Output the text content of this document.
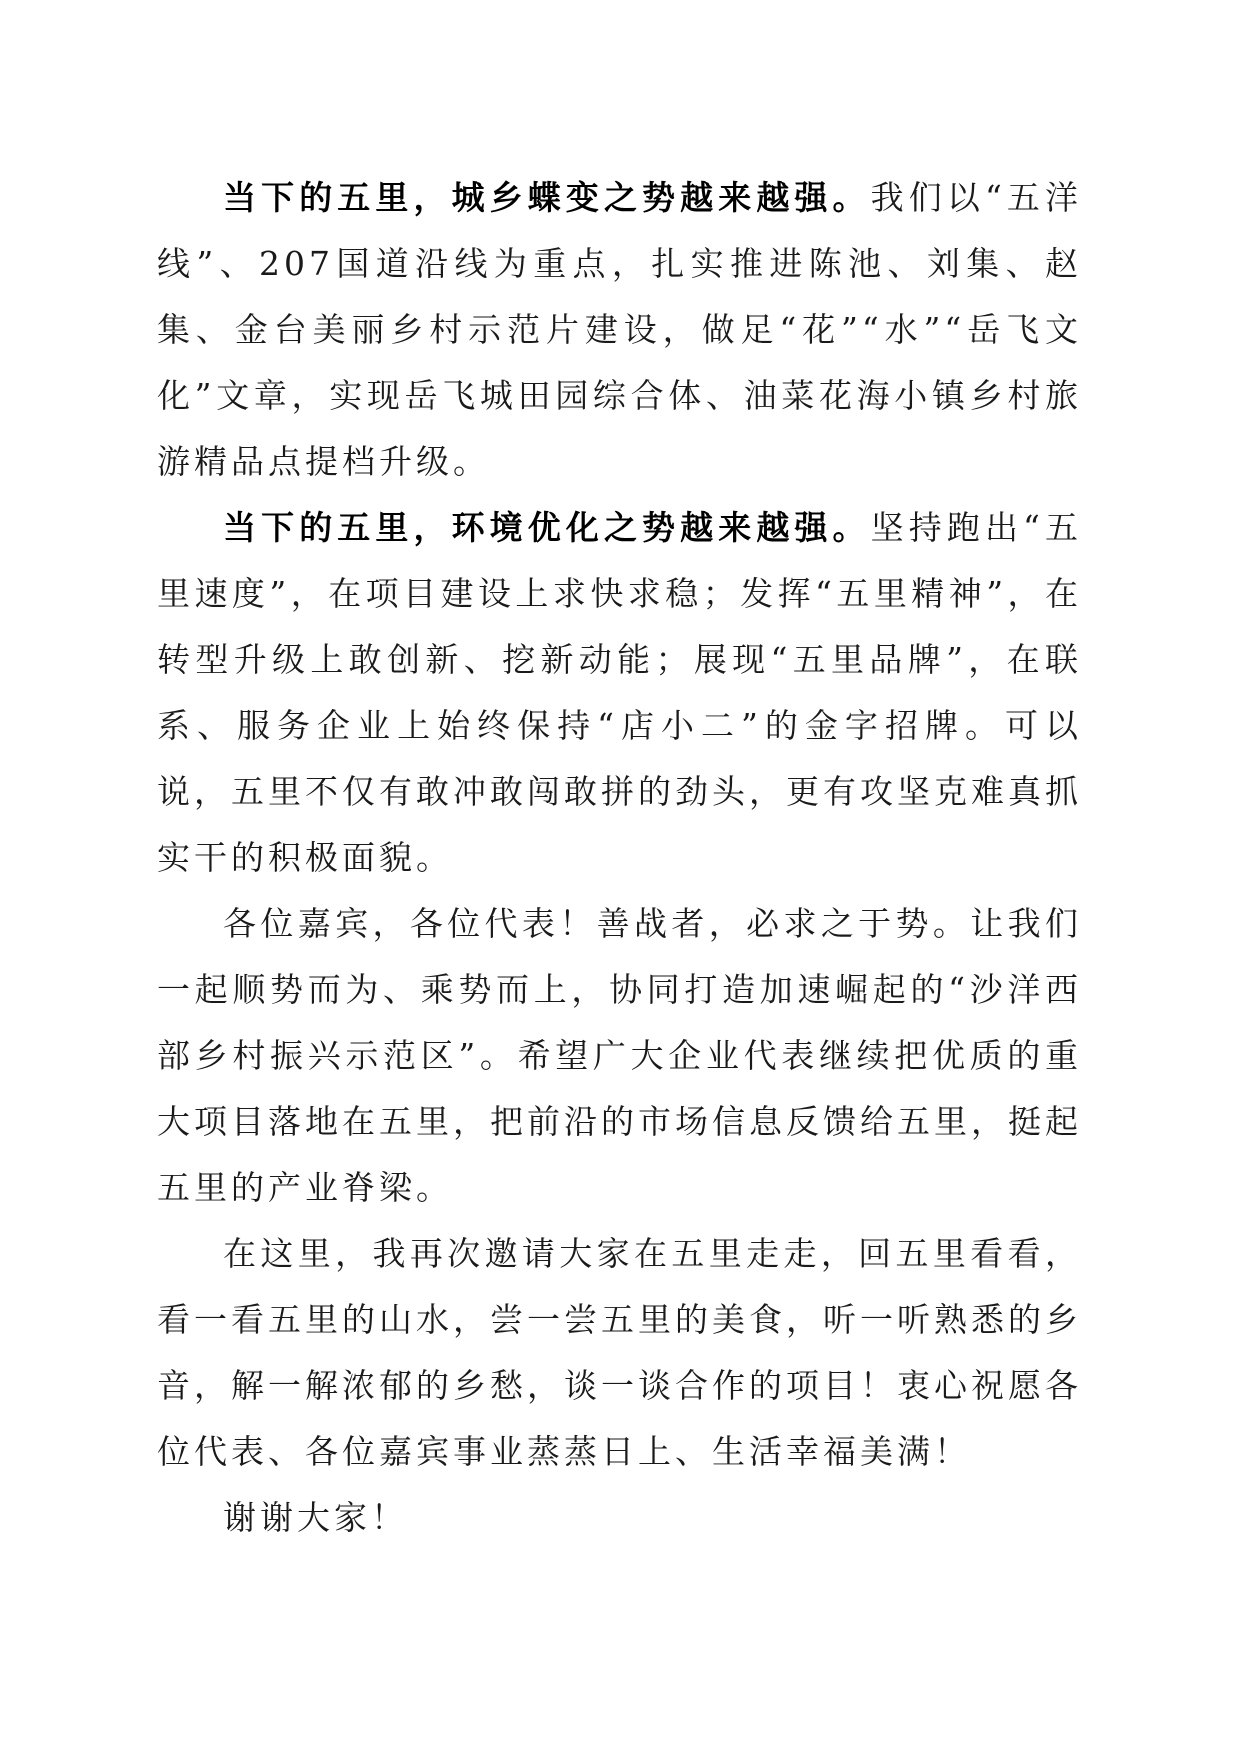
当下的五里，城乡蝶变之势越来越强。我们以“五洋线”、207国道沿线为重点，扎实推进陈池、刘集、赵集、金台美丽乡村示范片建设，做足“花”“水”“岳飞文化”文章，实现岳飞城田园综合体、油菜花海小镇乡村旅游精品点提档升级。

当下的五里，环境优化之势越来越强。坚持跑出“五里速度”，在项目建设上求快求稳；发挥“五里精神”，在转型升级上敢创新、挖新动能；展现“五里品牌”，在联系、服务企业上始终保持“店小二”的金字招牌。可以说，五里不仅有敢冲敢闯敢拼的劲头，更有攻坚克难真抓实干的积极面貌。

各位嘉宾，各位代表！善战者，必求之于势。让我们一起顺势而为、乘势而上，协同打造加速崛起的“沙洋西部乡村振兴示范区”。希望广大企业代表继续把优质的重大项目落地在五里，把前沿的市场信息反馈给五里，挺起五里的产业脊梁。

在这里，我再次邀请大家在五里走走，回五里看看，看一看五里的山水，尝一尝五里的美食，听一听熟悉的乡音，解一解浓郁的乡愁，谈一谈合作的项目！衷心祝愿各位代表、各位嘉宾事业蒸蒸日上、生活幸福美满！

谢谢大家！
